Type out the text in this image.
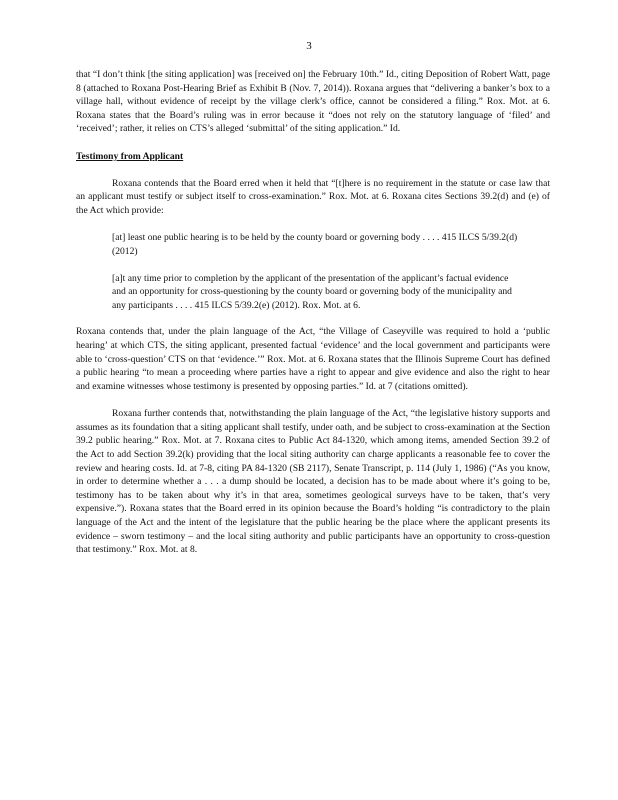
3

that “I don’t think [the siting application] was [received on] the February 10th.” Id., citing Deposition of Robert Watt, page 8 (attached to Roxana Post-Hearing Brief as Exhibit B (Nov. 7, 2014)). Roxana argues that “delivering a banker’s box to a village hall, without evidence of receipt by the village clerk’s office, cannot be considered a filing.” Rox. Mot. at 6. Roxana states that the Board’s ruling was in error because it “does not rely on the statutory language of ‘filed’ and ‘received’; rather, it relies on CTS’s alleged ‘submittal’ of the siting application.” Id.

Testimony from Applicant

Roxana contends that the Board erred when it held that “[t]here is no requirement in the statute or case law that an applicant must testify or subject itself to cross-examination.” Rox. Mot. at 6. Roxana cites Sections 39.2(d) and (e) of the Act which provide:

[at] least one public hearing is to be held by the county board or governing body . . . . 415 ILCS 5/39.2(d) (2012)

[a]t any time prior to completion by the applicant of the presentation of the applicant’s factual evidence and an opportunity for cross-questioning by the county board or governing body of the municipality and any participants . . . . 415 ILCS 5/39.2(e) (2012). Rox. Mot. at 6.

Roxana contends that, under the plain language of the Act, “the Village of Caseyville was required to hold a ‘public hearing’ at which CTS, the siting applicant, presented factual ‘evidence’ and the local government and participants were able to ‘cross-question’ CTS on that ‘evidence.’” Rox. Mot. at 6. Roxana states that the Illinois Supreme Court has defined a public hearing “to mean a proceeding where parties have a right to appear and give evidence and also the right to hear and examine witnesses whose testimony is presented by opposing parties.” Id. at 7 (citations omitted).

Roxana further contends that, notwithstanding the plain language of the Act, “the legislative history supports and assumes as its foundation that a siting applicant shall testify, under oath, and be subject to cross-examination at the Section 39.2 public hearing.” Rox. Mot. at 7. Roxana cites to Public Act 84-1320, which among items, amended Section 39.2 of the Act to add Section 39.2(k) providing that the local siting authority can charge applicants a reasonable fee to cover the review and hearing costs. Id. at 7-8, citing PA 84-1320 (SB 2117), Senate Transcript, p. 114 (July 1, 1986) (“As you know, in order to determine whether a . . . a dump should be located, a decision has to be made about where it’s going to be, testimony has to be taken about why it’s in that area, sometimes geological surveys have to be taken, that’s very expensive.”). Roxana states that the Board erred in its opinion because the Board’s holding “is contradictory to the plain language of the Act and the intent of the legislature that the public hearing be the place where the applicant presents its evidence – sworn testimony – and the local siting authority and public participants have an opportunity to cross-question that testimony.” Rox. Mot. at 8.
